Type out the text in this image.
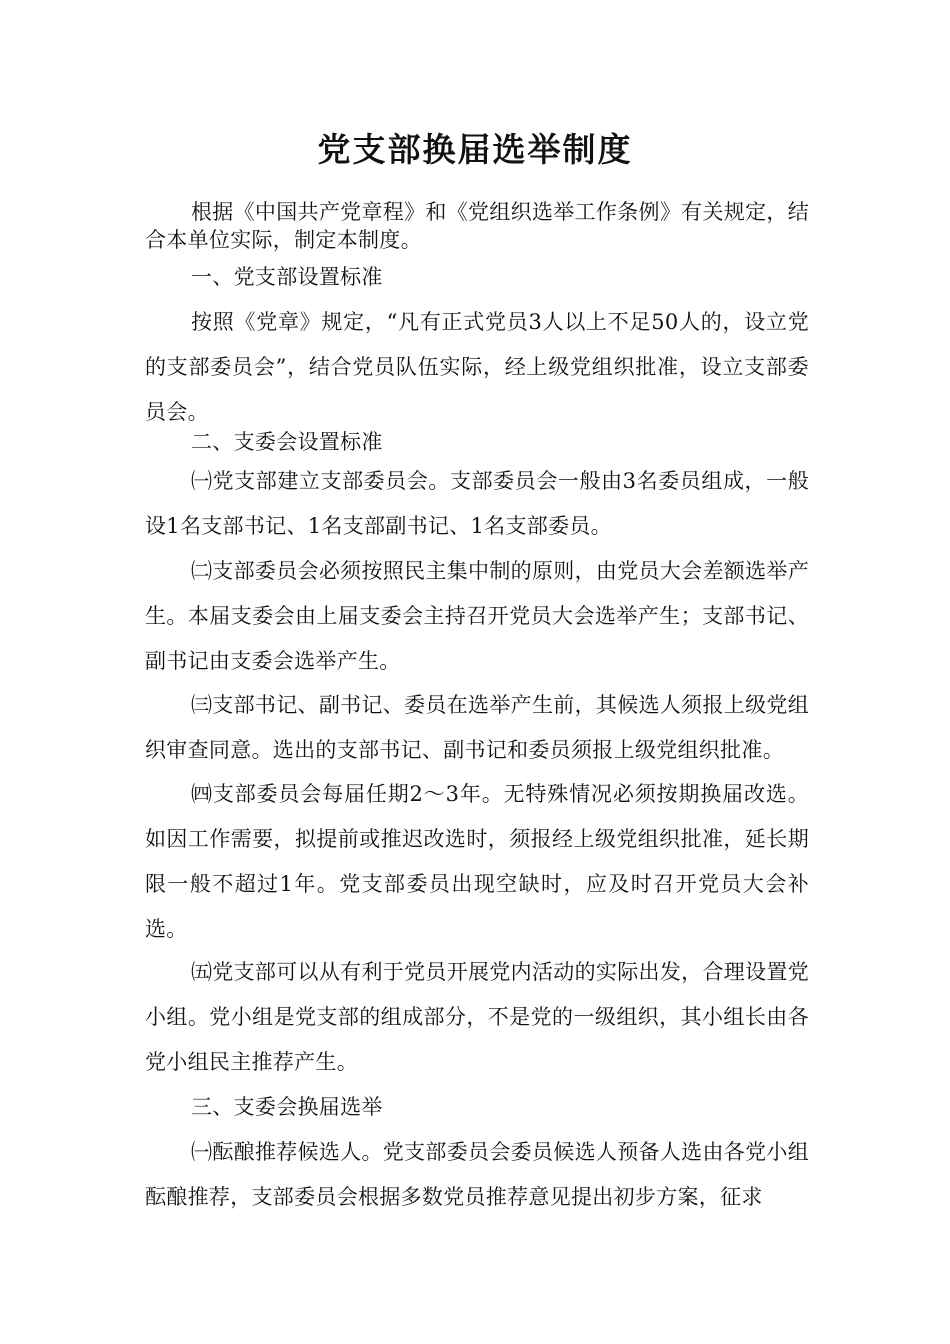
党支部换届选举制度

根据《中国共产党章程》和《党组织选举工作条例》有关规定，结合本单位实际，制定本制度。

一、党支部设置标准

按照《党章》规定，“凡有正式党员3人以上不足50人的，设立党的支部委员会”，结合党员队伍实际，经上级党组织批准，设立支部委员会。

二、支委会设置标准

㈠党支部建立支部委员会。支部委员会一般由3名委员组成，一般设1名支部书记、1名支部副书记、1名支部委员。

㈡支部委员会必须按照民主集中制的原则，由党员大会差额选举产生。本届支委会由上届支委会主持召开党员大会选举产生；支部书记、副书记由支委会选举产生。

㈢支部书记、副书记、委员在选举产生前，其候选人须报上级党组织审查同意。选出的支部书记、副书记和委员须报上级党组织批准。

㈣支部委员会每届任期2～3年。无特殊情况必须按期换届改选。如因工作需要，拟提前或推迟改选时，须报经上级党组织批准，延长期限一般不超过1年。党支部委员出现空缺时，应及时召开党员大会补选。

㈤党支部可以从有利于党员开展党内活动的实际出发，合理设置党小组。党小组是党支部的组成部分，不是党的一级组织，其小组长由各党小组民主推荐产生。

三、支委会换届选举

㈠酝酿推荐候选人。党支部委员会委员候选人预备人选由各党小组酝酿推荐，支部委员会根据多数党员推荐意见提出初步方案，征求
